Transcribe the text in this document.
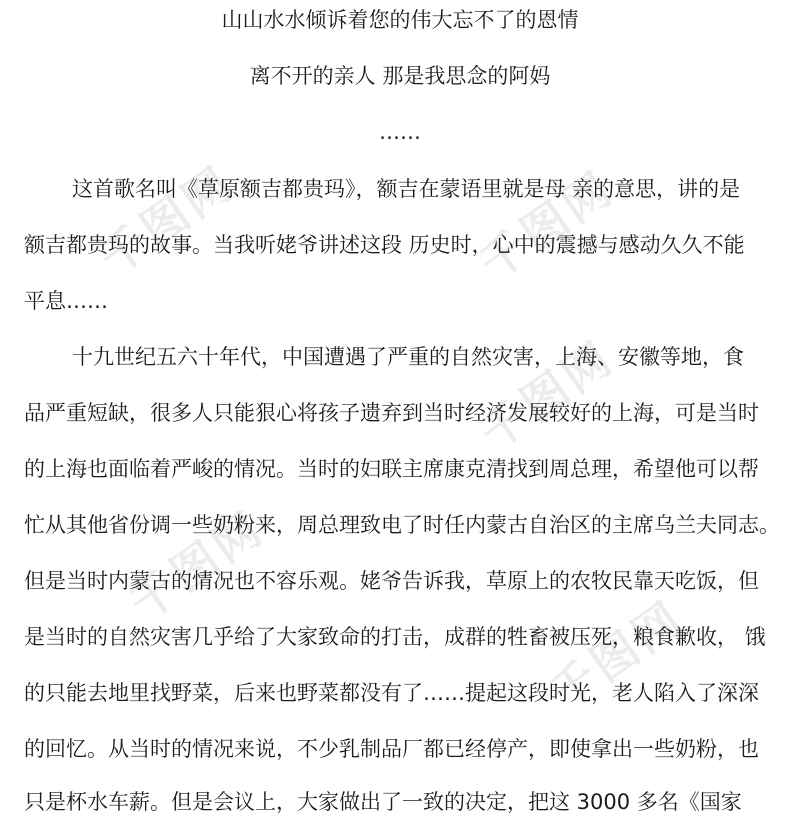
千图网
千图网
千图网
千图网
千图网
山山水水倾诉着您的伟大忘不了的恩情
离不开的亲人 那是我思念的阿妈
……
这首歌名叫《草原额吉都贵玛》，额吉在蒙语里就是母 亲的意思，讲的是
额吉都贵玛的故事。当我听姥爷讲述这段 历史时，心中的震撼与感动久久不能
平息……
十九世纪五六十年代，中国遭遇了严重的自然灾害，上海、安徽等地，食
品严重短缺，很多人只能狠心将孩子遗弃到当时经济发展较好的上海，可是当时
的上海也面临着严峻的情况。当时的妇联主席康克清找到周总理，希望他可以帮
忙从其他省份调一些奶粉来，周总理致电了时任内蒙古自治区的主席乌兰夫同志。
但是当时内蒙古的情况也不容乐观。姥爷告诉我，草原上的农牧民靠天吃饭，但
是当时的自然灾害几乎给了大家致命的打击，成群的牲畜被压死，粮食歉收， 饿
的只能去地里找野菜，后来也野菜都没有了……提起这段时光，老人陷入了深深
的回忆。从当时的情况来说，不少乳制品厂都已经停产，即使拿出一些奶粉，也
只是杯水车薪。但是会议上，大家做出了一致的决定，把这 3000 多名《国家
